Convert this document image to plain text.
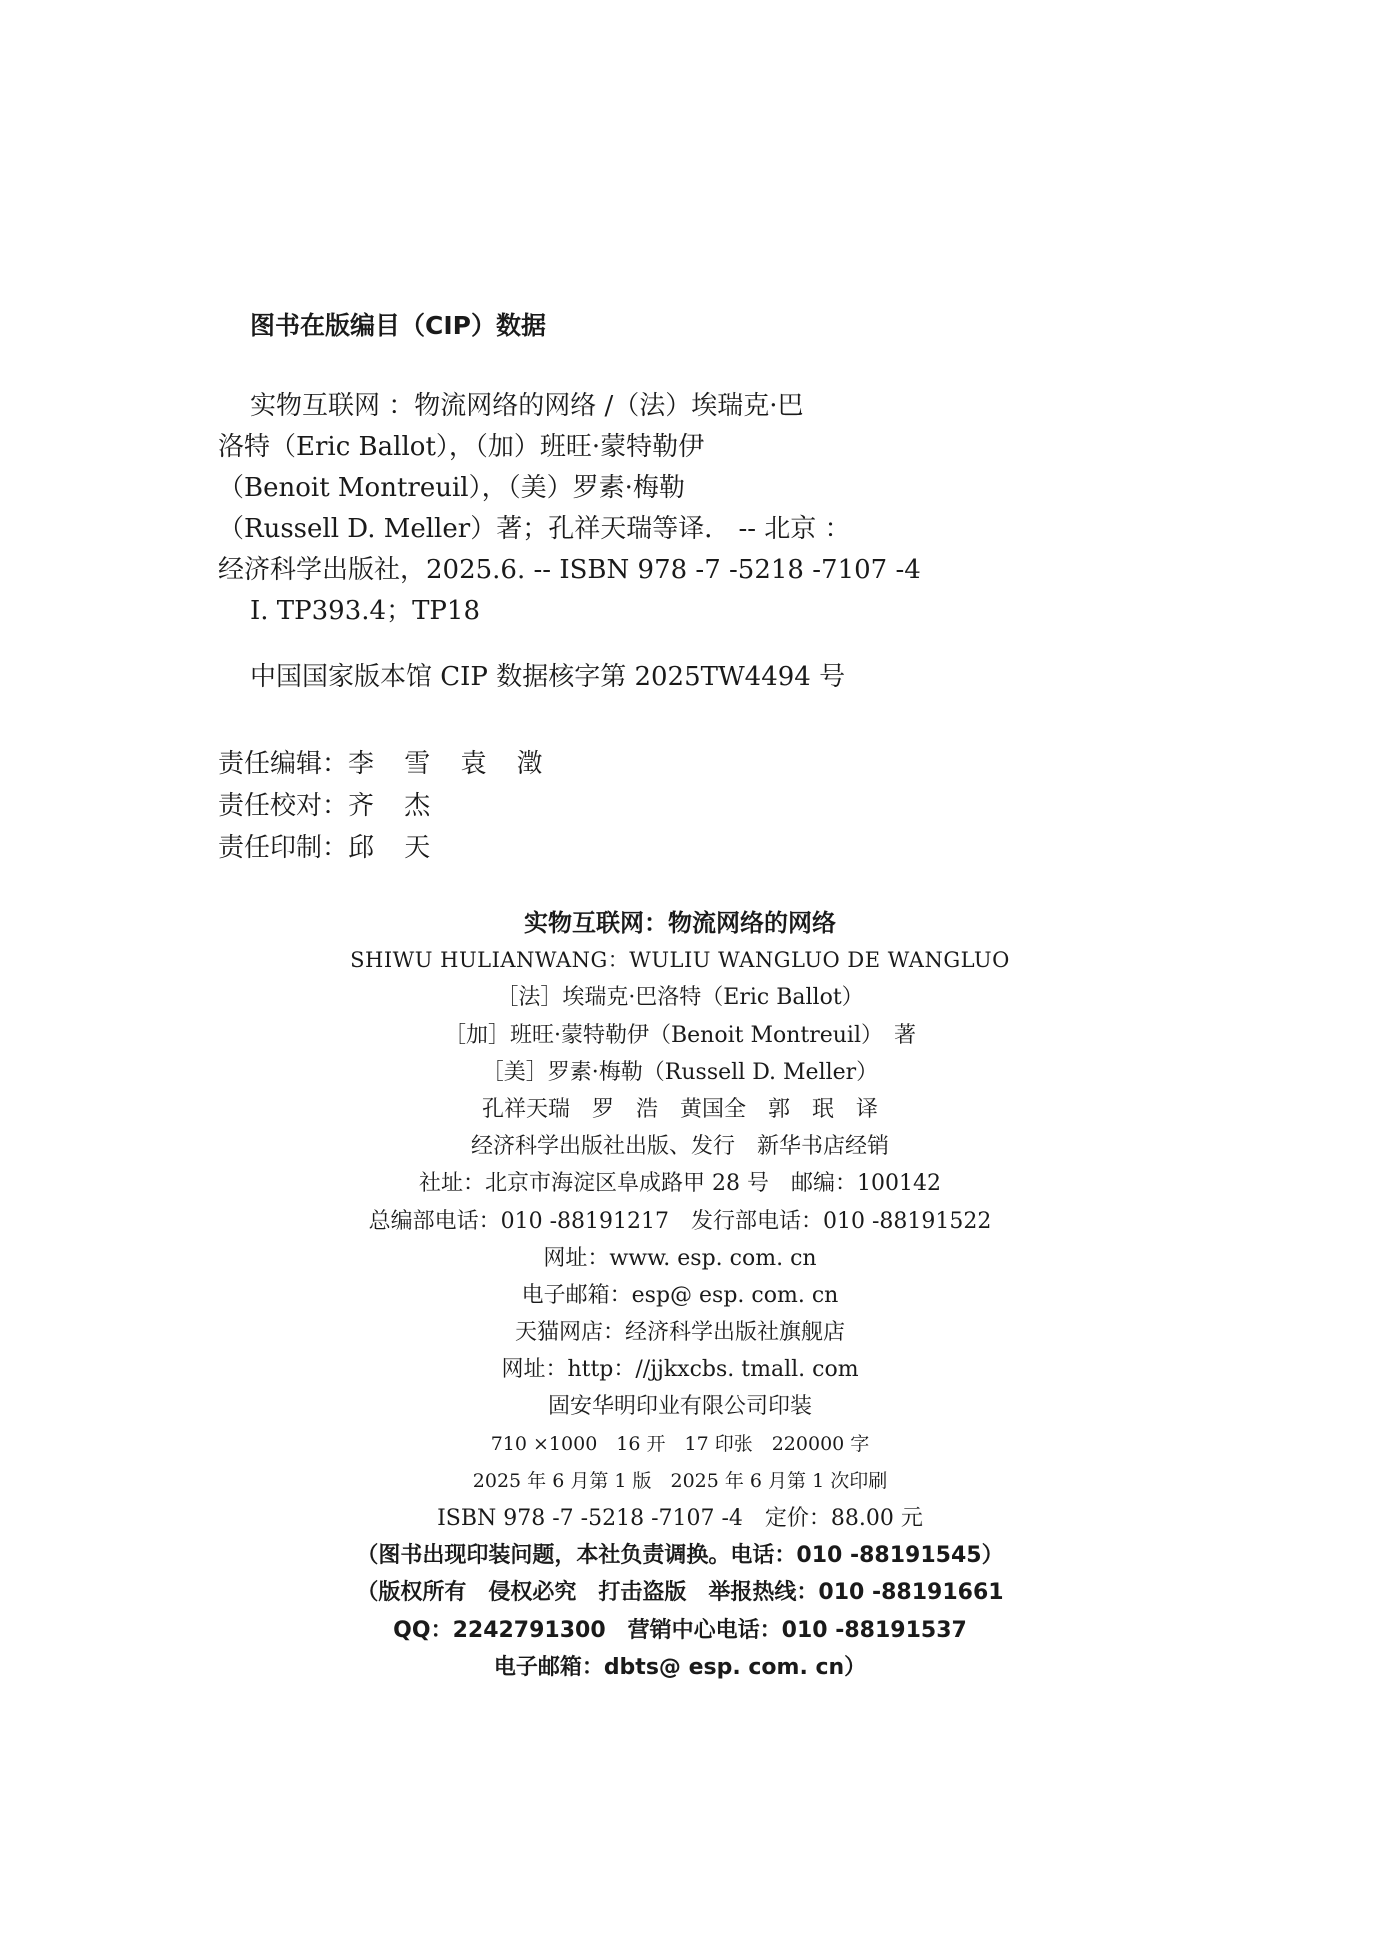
图书在版编目（CIP）数据
实物互联网 ：物流网络的网络 /（法）埃瑞克·巴
洛特（Eric Ballot），（加）班旺·蒙特勒伊
（Benoit Montreuil），（美）罗素·梅勒
（Russell D. Meller）著；孔祥天瑞等译． -- 北京 ：
经济科学出版社，2025.6. -- ISBN 978 -7 -5218 -7107 -4
Ⅰ. TP393.4；TP18
中国国家版本馆 CIP 数据核字第 2025TW4494 号
责任编辑：李 雪 袁 澂
责任校对：齐 杰
责任印制：邱 天
实物互联网：物流网络的网络
SHIWU HULIANWANG：WULIU WANGLUO DE WANGLUO
［法］埃瑞克·巴洛特（Eric Ballot）
［加］班旺·蒙特勒伊（Benoit Montreuil）　著
［美］罗素·梅勒（Russell D. Meller）
孔祥天瑞　罗　浩　黄国全　郭　珉　译
经济科学出版社出版、发行　新华书店经销
社址：北京市海淀区阜成路甲 28 号　邮编：100142
总编部电话：010 -88191217　发行部电话：010 -88191522
网址：www. esp. com. cn
电子邮箱：esp@ esp. com. cn
天猫网店：经济科学出版社旗舰店
网址：http：//jjkxcbs. tmall. com
固安华明印业有限公司印装
710 ×1000　16 开　17 印张　220000 字
2025 年 6 月第 1 版　2025 年 6 月第 1 次印刷
ISBN 978 -7 -5218 -7107 -4　定价：88.00 元
（图书出现印装问题，本社负责调换。电话：010 -88191545）
（版权所有　侵权必究　打击盗版　举报热线：010 -88191661
QQ：2242791300　营销中心电话：010 -88191537
电子邮箱：dbts@ esp. com. cn）
